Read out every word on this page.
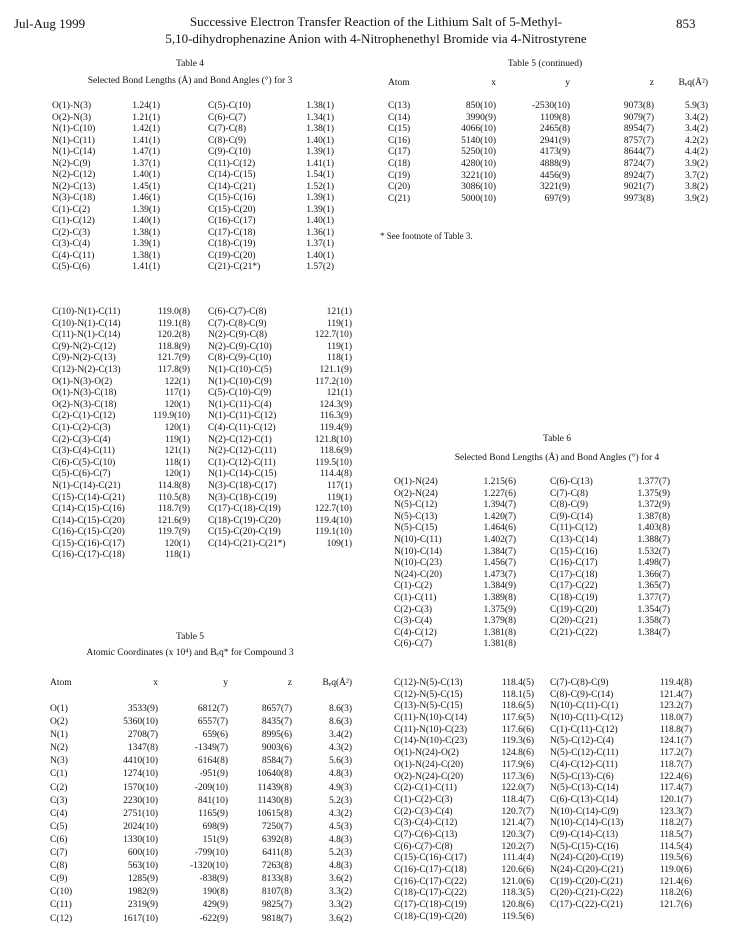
Jul-Aug 1999	Successive Electron Transfer Reaction of the Lithium Salt of 5-Methyl-
5,10-dihydrophenazine Anion with 4-Nitrophenethyl Bromide via 4-Nitrostyrene
853
Table 4
Selected Bond Lengths (Å) and Bond Angles (°) for 3
O(1)-N(3)	1.24(1)
O(2)-N(3)	1.21(1)
N(1)-C(10)	1.42(1)
N(1)-C(11)	1.41(1)
N(1)-C(14)	1.47(1)
N(2)-C(9)	1.37(1)
N(2)-C(12)	1.40(1)
N(2)-C(13)	1.45(1)
N(3)-C(18)	1.46(1)
C(1)-C(2)	1.39(1)
C(1)-C(12)	1.40(1)
C(2)-C(3)	1.38(1)
C(3)-C(4)	1.39(1)
C(4)-C(11)	1.38(1)
C(5)-C(6)	1.41(1)
C(5)-C(10)	1.38(1)
C(6)-C(7)	1.34(1)
C(7)-C(8)	1.38(1)
C(8)-C(9)	1.40(1)
C(9)-C(10)	1.39(1)
C(11)-C(12)	1.41(1)
C(14)-C(15)	1.54(1)
C(14)-C(21)	1.52(1)
C(15)-C(16)	1.39(1)
C(15)-C(20)	1.39(1)
C(16)-C(17)	1.40(1)
C(17)-C(18)	1.36(1)
C(18)-C(19)	1.37(1)
C(19)-C(20)	1.40(1)
C(21)-C(21*)	1.57(2)
C(10)-N(1)-C(11)	119.0(8)
C(10)-N(1)-C(14)	119.1(8)
C(11)-N(1)-C(14)	120.2(8)
C(9)-N(2)-C(12)	118.8(9)
C(9)-N(2)-C(13)	121.7(9)
C(12)-N(2)-C(13)	117.8(9)
O(1)-N(3)-O(2)	122(1)
O(1)-N(3)-C(18)	117(1)
O(2)-N(3)-C(18)	120(1)
C(2)-C(1)-C(12)	119.9(10)
C(1)-C(2)-C(3)	120(1)
C(2)-C(3)-C(4)	119(1)
C(3)-C(4)-C(11)	121(1)
C(6)-C(5)-C(10)	118(1)
C(5)-C(6)-C(7)	120(1)
N(1)-C(14)-C(21)	114.8(8)
C(15)-C(14)-C(21)	110.5(8)
C(14)-C(15)-C(16)	118.7(9)
C(14)-C(15)-C(20)	121.6(9)
C(16)-C(15)-C(20)	119.7(9)
C(15)-C(16)-C(17)	120(1)
C(16)-C(17)-C(18)	118(1)
C(6)-C(7)-C(8)	121(1)
C(7)-C(8)-C(9)	119(1)
N(2)-C(9)-C(8)	122.7(10)
N(2)-C(9)-C(10)	119(1)
C(8)-C(9)-C(10)	118(1)
N(1)-C(10)-C(5)	121.1(9)
N(1)-C(10)-C(9)	117.2(10)
C(5)-C(10)-C(9)	121(1)
N(1)-C(11)-C(4)	124.3(9)
N(1)-C(11)-C(12)	116.3(9)
C(4)-C(11)-C(12)	119.4(9)
N(2)-C(12)-C(1)	121.8(10)
N(2)-C(12)-C(11)	118.6(9)
C(1)-C(12)-C(11)	119.5(10)
N(1)-C(14)-C(15)	114.4(8)
N(3)-C(18)-C(17)	117(1)
N(3)-C(18)-C(19)	119(1)
C(17)-C(18)-C(19)	122.7(10)
C(18)-C(19)-C(20)	119.4(10)
C(15)-C(20)-C(19)	119.1(10)
C(14)-C(21)-C(21*)	109(1)
Table 5
Atomic Coordinates (x 10⁴) and Bₑq* for Compound 3
Atom	x	y	z	Bₑq(Å²)
O(1)	3533(9)	6812(7)	8657(7)	8.6(3)
O(2)	5360(10)	6557(7)	8435(7)	8.6(3)
N(1)	2708(7)	659(6)	8995(6)	3.4(2)
N(2)	1347(8)	-1349(7)	9003(6)	4.3(2)
N(3)	4410(10)	6164(8)	8584(7)	5.6(3)
C(1)	1274(10)	-951(9)	10640(8)	4.8(3)
C(2)	1570(10)	-209(10)	11439(8)	4.9(3)
C(3)	2230(10)	841(10)	11430(8)	5.2(3)
C(4)	2751(10)	1165(9)	10615(8)	4.3(2)
C(5)	2024(10)	698(9)	7250(7)	4.5(3)
C(6)	1330(10)	151(9)	6392(8)	4.8(3)
C(7)	600(10)	-799(10)	6411(8)	5.2(3)
C(8)	563(10)	-1320(10)	7263(8)	4.8(3)
C(9)	1285(9)	-838(9)	8133(8)	3.6(2)
C(10)	1982(9)	190(8)	8107(8)	3.3(2)
C(11)	2319(9)	429(9)	9825(7)	3.3(2)
C(12)	1617(10)	-622(9)	9818(7)	3.6(2)
Table 5 (continued)
Atom	x	y	z	Bₑq(Å²)
C(13)	850(10)	-2530(10)	9073(8)	5.9(3)
C(14)	3990(9)	1109(8)	9079(7)	3.4(2)
C(15)	4066(10)	2465(8)	8954(7)	3.4(2)
C(16)	5140(10)	2941(9)	8757(7)	4.2(2)
C(17)	5250(10)	4173(9)	8644(7)	4.4(2)
C(18)	4280(10)	4888(9)	8724(7)	3.9(2)
C(19)	3221(10)	4456(9)	8924(7)	3.7(2)
C(20)	3086(10)	3221(9)	9021(7)	3.8(2)
C(21)	5000(10)	697(9)	9973(8)	3.9(2)
* See footnote of Table 3.
Table 6
Selected Bond Lengths (Å) and Bond Angles (°) for 4
O(1)-N(24)	1.215(6)
O(2)-N(24)	1.227(6)
N(5)-C(12)	1.394(7)
N(5)-C(13)	1.420(7)
N(5)-C(15)	1.464(6)
N(10)-C(11)	1.402(7)
N(10)-C(14)	1.384(7)
N(10)-C(23)	1.456(7)
N(24)-C(20)	1.473(7)
C(1)-C(2)	1.384(9)
C(1)-C(11)	1.389(8)
C(2)-C(3)	1.375(9)
C(3)-C(4)	1.379(8)
C(4)-C(12)	1.381(8)
C(6)-C(7)	1.381(8)
C(6)-C(13)	1.377(7)
C(7)-C(8)	1.375(9)
C(8)-C(9)	1.372(9)
C(9)-C(14)	1.387(8)
C(11)-C(12)	1.403(8)
C(13)-C(14)	1.388(7)
C(15)-C(16)	1.532(7)
C(16)-C(17)	1.498(7)
C(17)-C(18)	1.366(7)
C(17)-C(22)	1.365(7)
C(18)-C(19)	1.377(7)
C(19)-C(20)	1.354(7)
C(20)-C(21)	1.358(7)
C(21)-C(22)	1.384(7)
C(12)-N(5)-C(13)	118.4(5)
C(12)-N(5)-C(15)	118.1(5)
C(13)-N(5)-C(15)	118.6(5)
C(11)-N(10)-C(14)	117.6(5)
C(11)-N(10)-C(23)	117.6(6)
C(14)-N(10)-C(23)	119.3(6)
O(1)-N(24)-O(2)	124.8(6)
O(1)-N(24)-C(20)	117.9(6)
O(2)-N(24)-C(20)	117.3(6)
C(2)-C(1)-C(11)	122.0(7)
C(1)-C(2)-C(3)	118.4(7)
C(2)-C(3)-C(4)	120.7(7)
C(3)-C(4)-C(12)	121.4(7)
C(7)-C(6)-C(13)	120.3(7)
C(6)-C(7)-C(8)	120.2(7)
C(15)-C(16)-C(17)	111.4(4)
C(16)-C(17)-C(18)	120.6(6)
C(16)-C(17)-C(22)	121.0(6)
C(18)-C(17)-C(22)	118.3(5)
C(17)-C(18)-C(19)	120.8(6)
C(18)-C(19)-C(20)	119.5(6)
C(7)-C(8)-C(9)	119.4(8)
C(8)-C(9)-C(14)	121.4(7)
N(10)-C(11)-C(1)	123.2(7)
N(10)-C(11)-C(12)	118.0(7)
C(1)-C(11)-C(12)	118.8(7)
N(5)-C(12)-C(4)	124.1(7)
N(5)-C(12)-C(11)	117.2(7)
C(4)-C(12)-C(11)	118.7(7)
N(5)-C(13)-C(6)	122.4(6)
N(5)-C(13)-C(14)	117.4(7)
C(6)-C(13)-C(14)	120.1(7)
N(10)-C(14)-C(9)	123.3(7)
N(10)-C(14)-C(13)	118.2(7)
C(9)-C(14)-C(13)	118.5(7)
N(5)-C(15)-C(16)	114.5(4)
N(24)-C(20)-C(19)	119.5(6)
N(24)-C(20)-C(21)	119.0(6)
C(19)-C(20)-C(21)	121.4(6)
C(20)-C(21)-C(22)	118.2(6)
C(17)-C(22)-C(21)	121.7(6)
